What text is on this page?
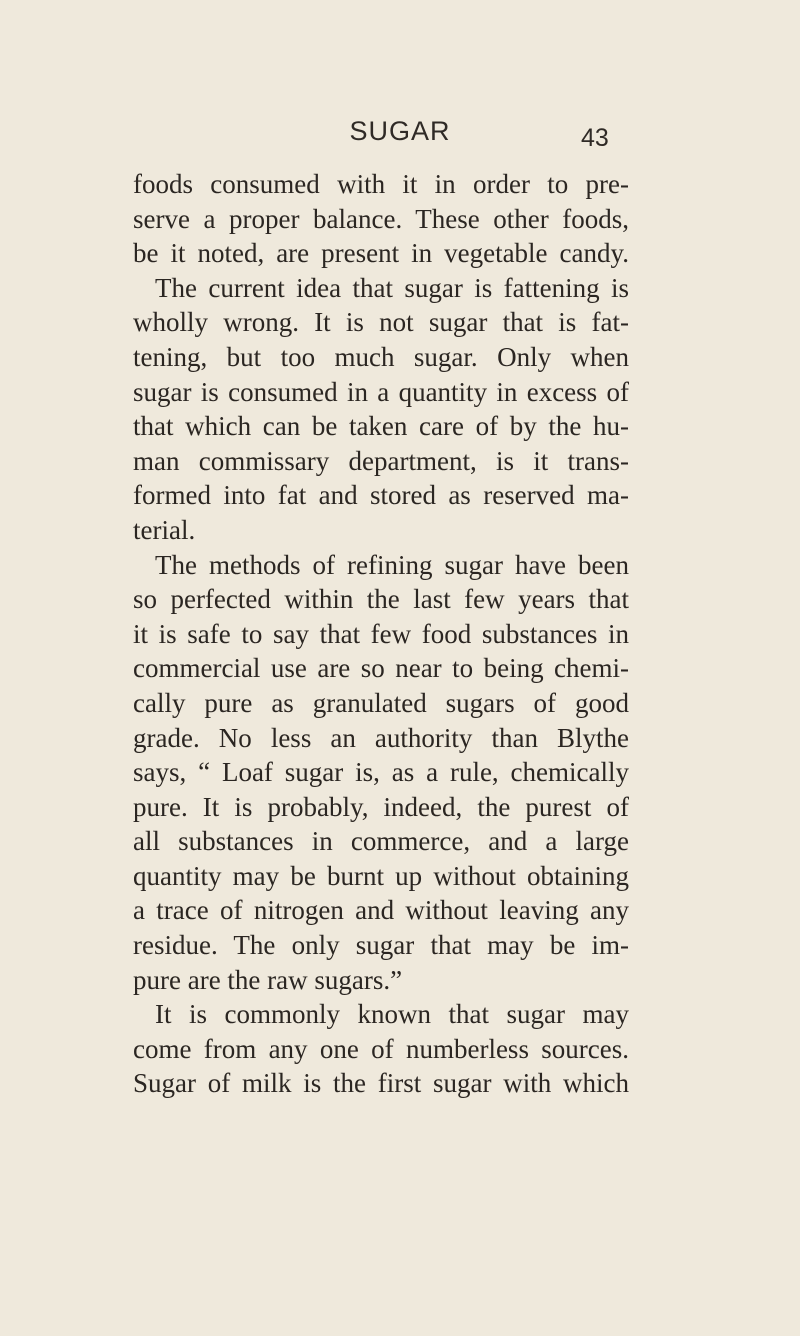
SUGAR	43
foods consumed with it in order to pre-
serve a proper balance. These other foods,
be it noted, are present in vegetable candy.
The current idea that sugar is fattening is
wholly wrong. It is not sugar that is fat-
tening, but too much sugar. Only when
sugar is consumed in a quantity in excess of
that which can be taken care of by the hu-
man commissary department, is it trans-
formed into fat and stored as reserved ma-
terial.
The methods of refining sugar have been
so perfected within the last few years that
it is safe to say that few food substances in
commercial use are so near to being chemi-
cally pure as granulated sugars of good
grade. No less an authority than Blythe
says, “ Loaf sugar is, as a rule, chemically
pure. It is probably, indeed, the purest of
all substances in commerce, and a large
quantity may be burnt up without obtaining
a trace of nitrogen and without leaving any
residue. The only sugar that may be im-
pure are the raw sugars.”
It is commonly known that sugar may
come from any one of numberless sources.
Sugar of milk is the first sugar with which
